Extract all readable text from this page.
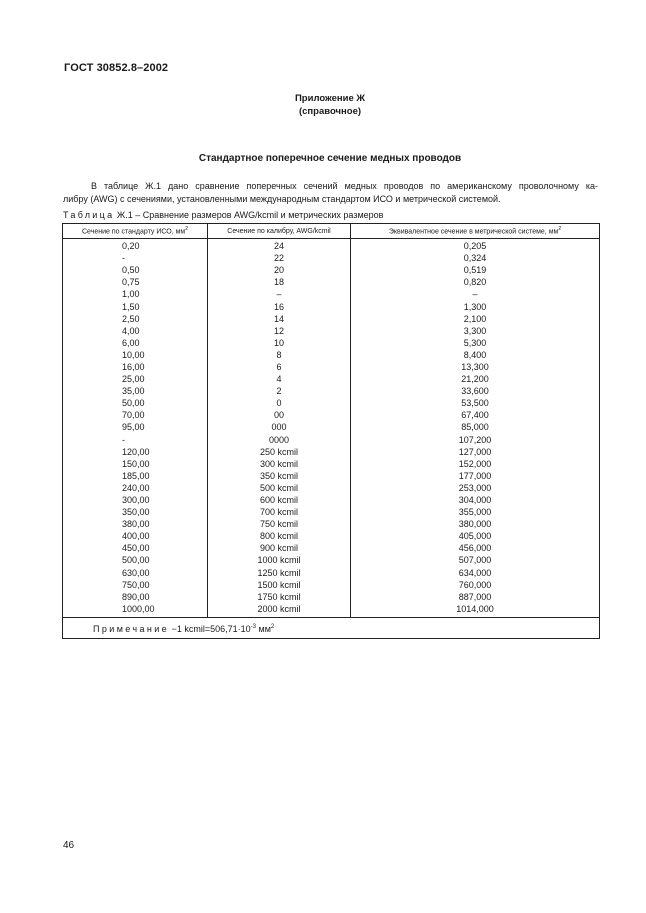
ГОСТ 30852.8–2002
Приложение Ж
(справочное)
Стандартное поперечное сечение медных проводов
В таблице Ж.1 дано сравнение поперечных сечений медных проводов по американскому проволочному ка-
либру (AWG) с сечениями, установленными международным стандартом ИСО и метрической системой.
Таблица Ж.1 – Сравнение размеров AWG/kcmil и метрических размеров
Сечение по стандарту ИСО, $мм^2$	Сечение по калибру, AWG/kcmil	Эквивалентное сечение в метрической системе, $мм^2$
0,20	24	0,205
-	22	0,324
0,50	20	0,519
0,75	18	0,820
1,00	–	–
1,50	16	1,300
2,50	14	2,100
4,00	12	3,300
6,00	10	5,300
10,00	8	8,400
16,00	6	13,300
25,00	4	21,200
35,00	2	33,600
50,00	0	53,500
70,00	00	67,400
95,00	000	85,000
-	0000	107,200
120,00	250 kcmil	127,000
150,00	300 kcmil	152,000
185,00	350 kcmil	177,000
240,00	500 kcmil	253,000
300,00	600 kcmil	304,000
350,00	700 kcmil	355,000
380,00	750 kcmil	380,000
400,00	800 kcmil	405,000
450,00	900 kcmil	456,000
500,00	1000 kcmil	507,000
630,00	1250 kcmil	634,000
750,00	1500 kcmil	760,000
890,00	1750 kcmil	887,000
1000,00	2000 kcmil	1014,000
Примечание −1 kcmil=506,71·10$^{-3}$ мм$^2$
46
